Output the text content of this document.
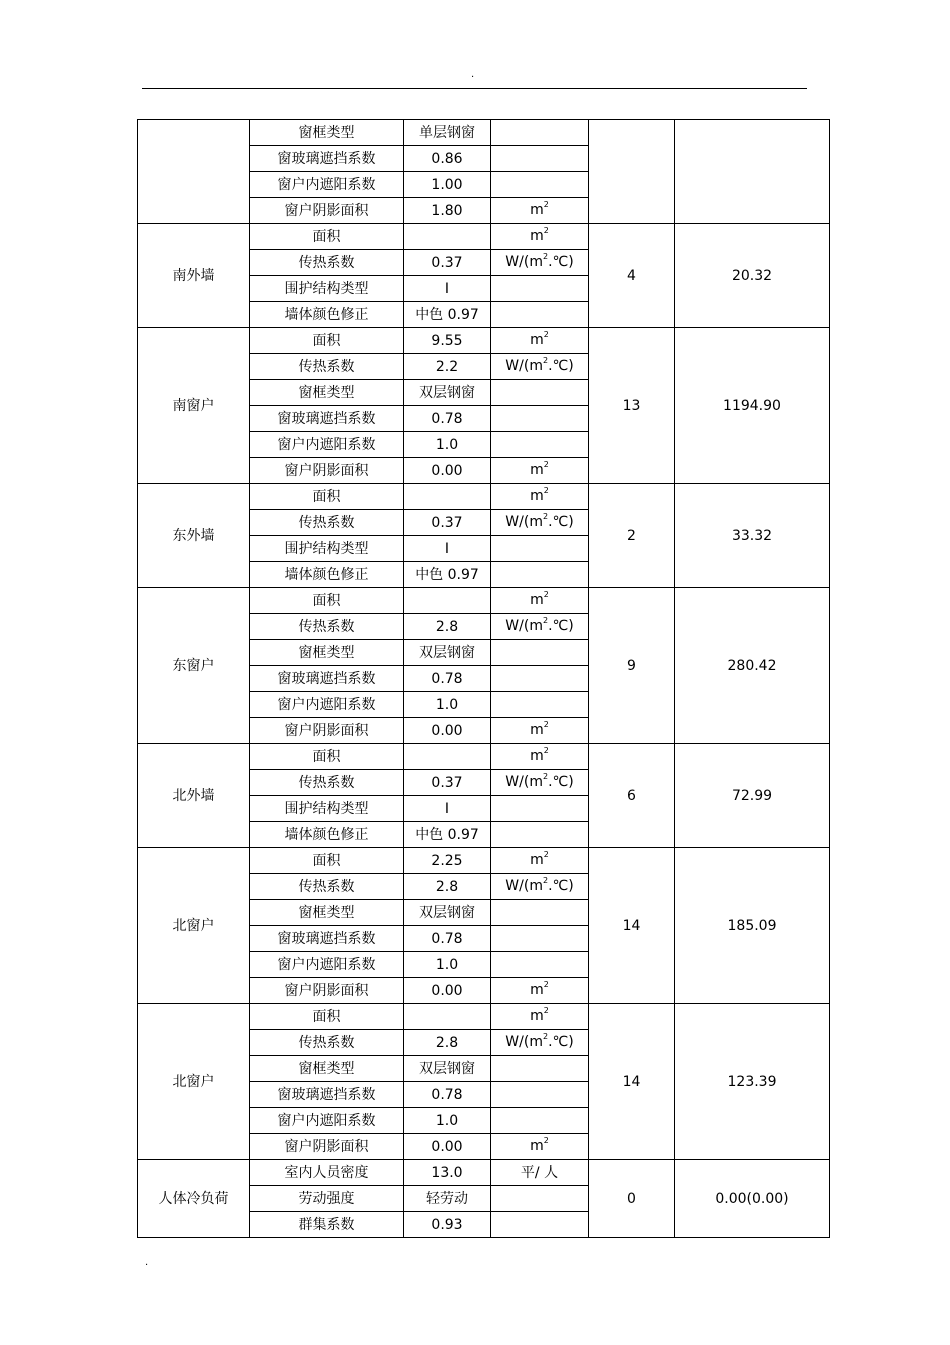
.
	窗框类型	单层钢窗			
	窗玻璃遮挡系数	0.86			
	窗户内遮阳系数	1.00			
	窗户阴影面积	1.80	$m^2$
南外墙	面积		$m^2$	4	20.32
	传热系数	0.37	$W/(m^2.℃)$		
	围护结构类型	I			
	墙体颜色修正	中色 0.97			
南窗户	面积	9.55	$m^2$	13	1194.90
	传热系数	2.2	$W/(m^2.℃)$		
	窗框类型	双层钢窗			
	窗玻璃遮挡系数	0.78			
	窗户内遮阳系数	1.0			
	窗户阴影面积	0.00	$m^2$
东外墙	面积		$m^2$	2	33.32
	传热系数	0.37	$W/(m^2.℃)$		
	围护结构类型	I			
	墙体颜色修正	中色 0.97			
东窗户	面积		$m^2$	9	280.42
	传热系数	2.8	$W/(m^2.℃)$		
	窗框类型	双层钢窗			
	窗玻璃遮挡系数	0.78			
	窗户内遮阳系数	1.0			
	窗户阴影面积	0.00	$m^2$
北外墙	面积		$m^2$	6	72.99
	传热系数	0.37	$W/(m^2.℃)$		
	围护结构类型	I			
	墙体颜色修正	中色 0.97			
北窗户	面积	2.25	$m^2$	14	185.09
	传热系数	2.8	$W/(m^2.℃)$		
	窗框类型	双层钢窗			
	窗玻璃遮挡系数	0.78			
	窗户内遮阳系数	1.0			
	窗户阴影面积	0.00	$m^2$
北窗户	面积		$m^2$	14	123.39
	传热系数	2.8	$W/(m^2.℃)$		
	窗框类型	双层钢窗			
	窗玻璃遮挡系数	0.78			
	窗户内遮阳系数	1.0			
	窗户阴影面积	0.00	$m^2$
人体冷负荷	室内人员密度	13.0	平/ 人	0	0.00(0.00)
	劳动强度	轻劳动			
	群集系数	0.93			
.
